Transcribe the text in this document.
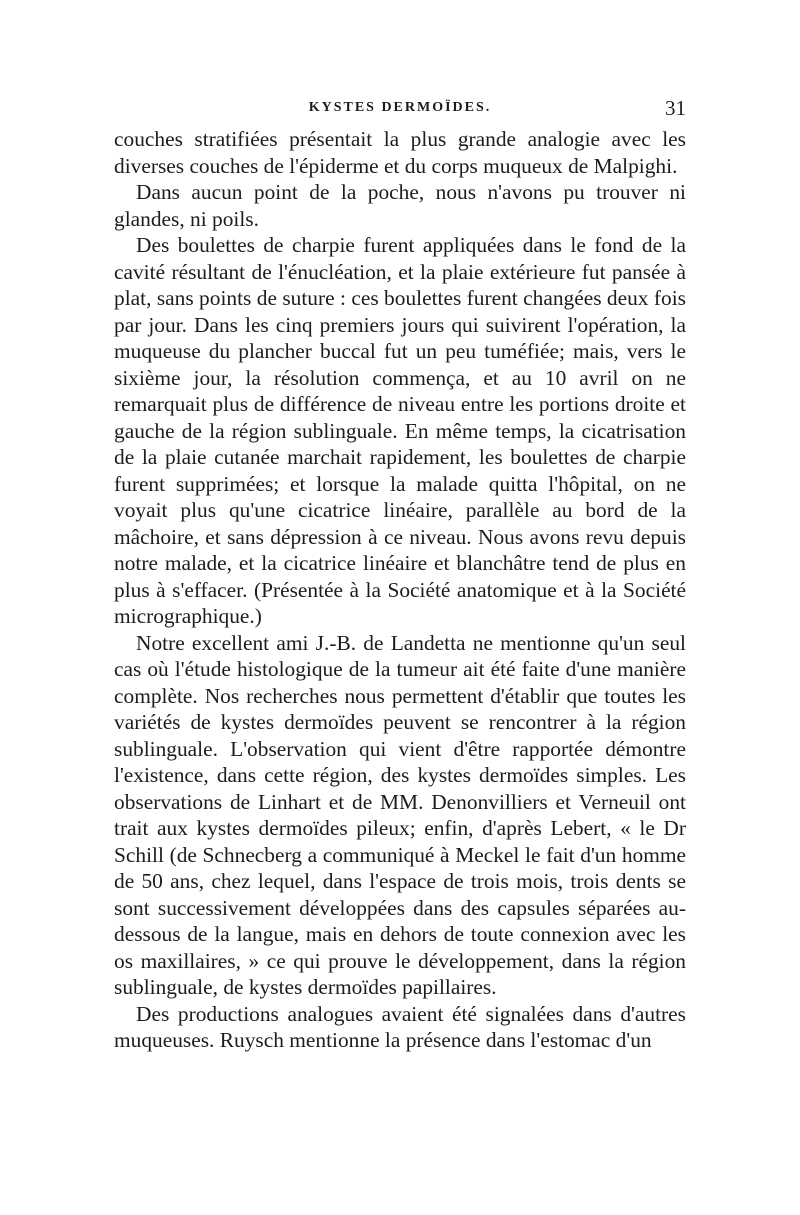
KYSTES DERMOÏDES.	31

couches stratifiées présentait la plus grande analogie avec les diverses couches de l'épiderme et du corps muqueux de Malpighi.

Dans aucun point de la poche, nous n'avons pu trouver ni glandes, ni poils.

Des boulettes de charpie furent appliquées dans le fond de la cavité résultant de l'énucléation, et la plaie extérieure fut pansée à plat, sans points de suture : ces boulettes furent changées deux fois par jour. Dans les cinq premiers jours qui suivirent l'opération, la muqueuse du plancher buccal fut un peu tuméfiée; mais, vers le sixième jour, la résolution commença, et au 10 avril on ne remarquait plus de différence de niveau entre les portions droite et gauche de la région sublinguale. En même temps, la cicatrisation de la plaie cutanée marchait rapidement, les boulettes de charpie furent supprimées; et lorsque la malade quitta l'hôpital, on ne voyait plus qu'une cicatrice linéaire, parallèle au bord de la mâchoire, et sans dépression à ce niveau. Nous avons revu depuis notre malade, et la cicatrice linéaire et blanchâtre tend de plus en plus à s'effacer. (Présentée à la Société anatomique et à la Société micrographique.)

Notre excellent ami J.-B. de Landetta ne mentionne qu'un seul cas où l'étude histologique de la tumeur ait été faite d'une manière complète. Nos recherches nous permettent d'établir que toutes les variétés de kystes dermoïdes peuvent se rencontrer à la région sublinguale. L'observation qui vient d'être rapportée démontre l'existence, dans cette région, des kystes dermoïdes simples. Les observations de Linhart et de MM. Denonvilliers et Verneuil ont trait aux kystes dermoïdes pileux; enfin, d'après Lebert, « le Dr Schill (de Schnecberg a communiqué à Meckel le fait d'un homme de 50 ans, chez lequel, dans l'espace de trois mois, trois dents se sont successivement développées dans des capsules séparées au-dessous de la langue, mais en dehors de toute connexion avec les os maxillaires, » ce qui prouve le développement, dans la région sublinguale, de kystes dermoïdes papillaires.

Des productions analogues avaient été signalées dans d'autres muqueuses. Ruysch mentionne la présence dans l'estomac d'un
